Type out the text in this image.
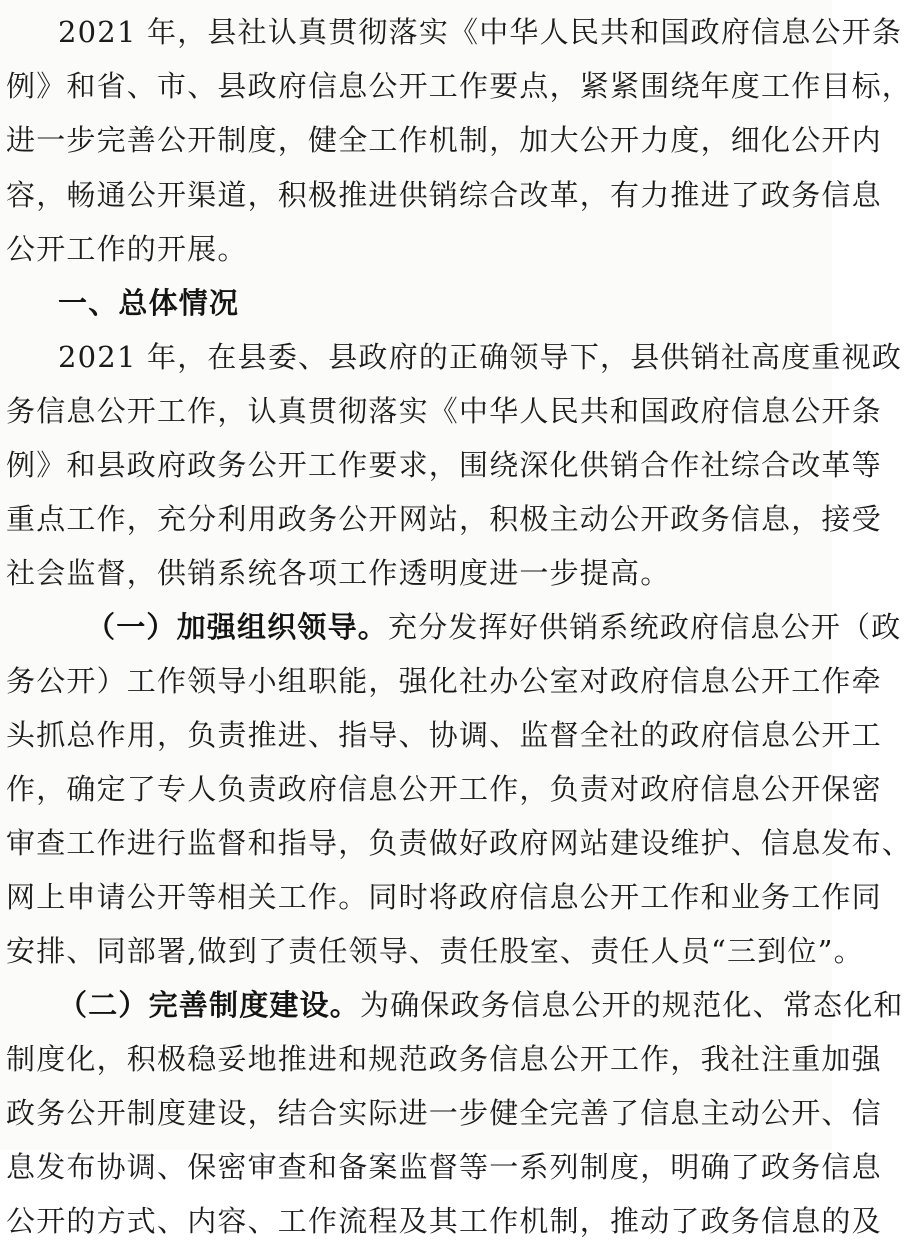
2021 年，县社认真贯彻落实《中华人民共和国政府信息公开条
例》和省、市、县政府信息公开工作要点，紧紧围绕年度工作目标，
进一步完善公开制度，健全工作机制，加大公开力度，细化公开内
容，畅通公开渠道，积极推进供销综合改革，有力推进了政务信息
公开工作的开展。
一、总体情况
2021 年，在县委、县政府的正确领导下，县供销社高度重视政
务信息公开工作，认真贯彻落实《中华人民共和国政府信息公开条
例》和县政府政务公开工作要求，围绕深化供销合作社综合改革等
重点工作，充分利用政务公开网站，积极主动公开政务信息，接受
社会监督，供销系统各项工作透明度进一步提高。
（一）加强组织领导。充分发挥好供销系统政府信息公开（政
务公开）工作领导小组职能，强化社办公室对政府信息公开工作牵
头抓总作用，负责推进、指导、协调、监督全社的政府信息公开工
作，确定了专人负责政府信息公开工作，负责对政府信息公开保密
审查工作进行监督和指导，负责做好政府网站建设维护、信息发布、
网上申请公开等相关工作。同时将政府信息公开工作和业务工作同
安排、同部署,做到了责任领导、责任股室、责任人员“三到位”。
（二）完善制度建设。为确保政务信息公开的规范化、常态化和
制度化，积极稳妥地推进和规范政务信息公开工作，我社注重加强
政务公开制度建设，结合实际进一步健全完善了信息主动公开、信
息发布协调、保密审查和备案监督等一系列制度，明确了政务信息
公开的方式、内容、工作流程及其工作机制，推动了政务信息的及
